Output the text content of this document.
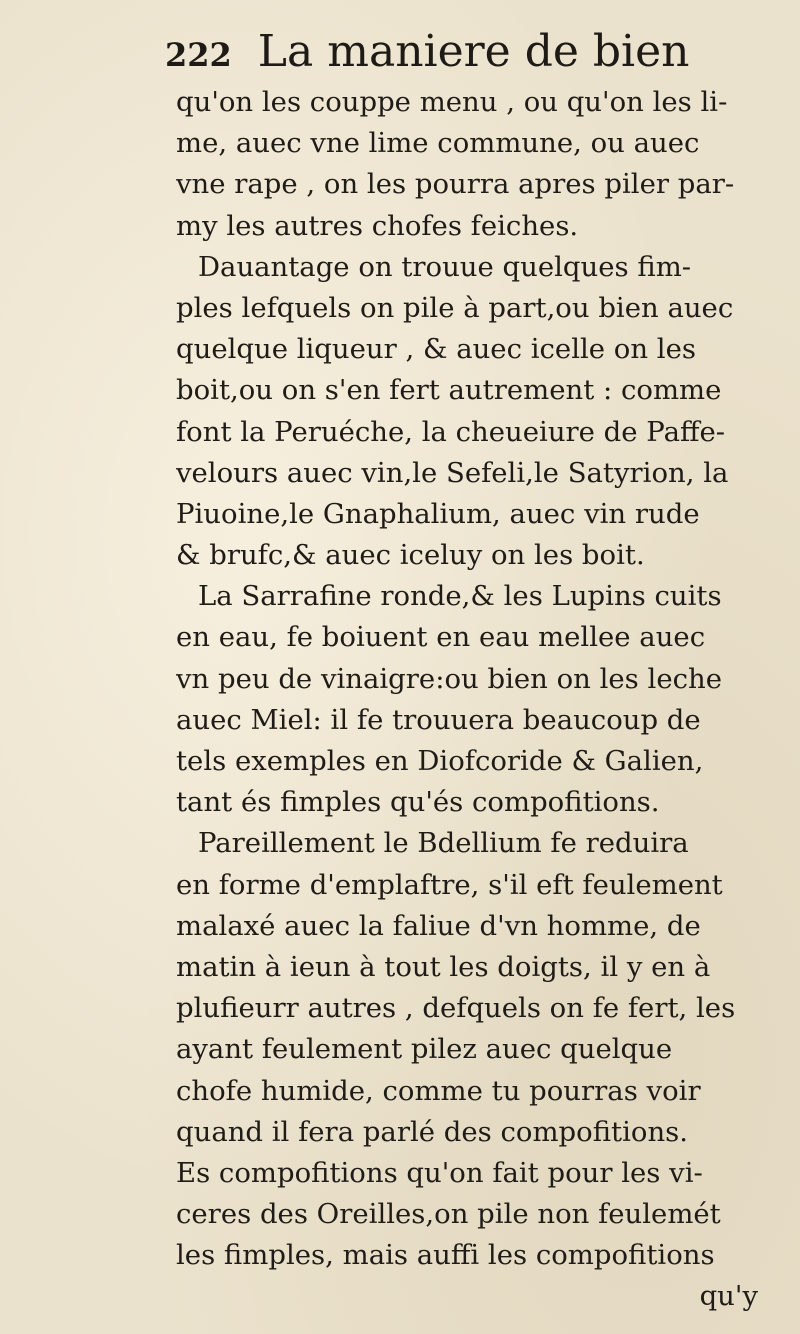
222 La maniere de bien
qu'on les couppe menu , ou qu'on les li-
me, auec vne lime commune, ou auec
vne rape , on les pourra apres piler par-
my les autres chofes feiches.
Dauantage on trouue quelques fim-
ples lefquels on pile à part,ou bien auec
quelque liqueur , & auec icelle on les
boit,ou on s'en fert autrement : comme
font la Peruéche, la cheueiure de Paffe-
velours auec vin,le Sefeli,le Satyrion, la
Piuoine,le Gnaphalium, auec vin rude
& brufc,& auec iceluy on les boit.
La Sarrafine ronde,& les Lupins cuits
en eau, fe boiuent en eau mellee auec
vn peu de vinaigre:ou bien on les leche
auec Miel: il fe trouuera beaucoup de
tels exemples en Diofcoride & Galien,
tant és fimples qu'és compofitions.
Pareillement le Bdellium fe reduira
en forme d'emplaftre, s'il eft feulement
malaxé auec la faliue d'vn homme, de
matin à ieun à tout les doigts, il y en à
plufieurr autres , defquels on fe fert, les
ayant feulement pilez auec quelque
chofe humide, comme tu pourras voir
quand il fera parlé des compofitions.
Es compofitions qu'on fait pour les vi-
ceres des Oreilles,on pile non feulemét
les fimples, mais auffi les compofitions
qu'y
